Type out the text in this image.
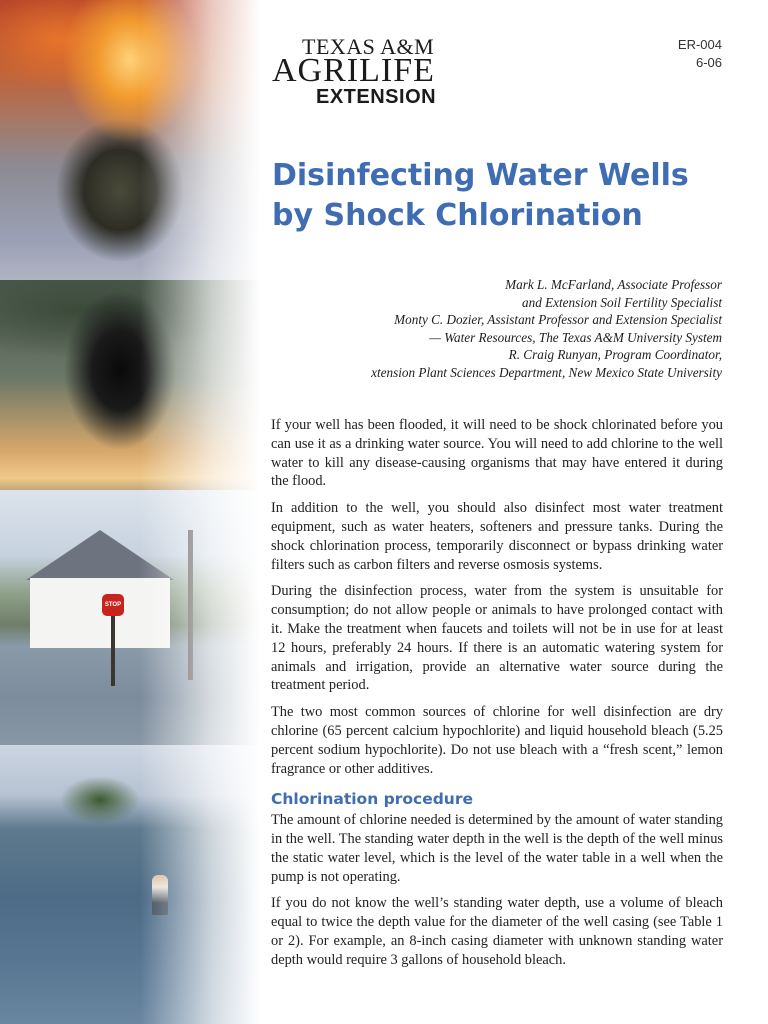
STOP
TEXAS A&M
AGRILIFE
EXTENSION
ER-004
6-06
Disinfecting Water Wells
by Shock Chlorination
Mark L. McFarland, Associate Professor
and Extension Soil Fertility Specialist
Monty C. Dozier, Assistant Professor and Extension Specialist
— Water Resources, The Texas A&M University System
R. Craig Runyan, Program Coordinator,
xtension Plant Sciences Department, New Mexico State University

If your well has been flooded, it will need to be shock chlorinated before you can use it as a drinking water source. You will need to add chlorine to the well water to kill any disease-causing organisms that may have entered it during the flood.

In addition to the well, you should also disinfect most water treatment equipment, such as water heaters, softeners and pressure tanks. During the shock chlorination process, temporarily disconnect or bypass drinking water filters such as carbon filters and reverse osmosis systems.

During the disinfection process, water from the system is unsuitable for consumption; do not allow people or animals to have prolonged contact with it. Make the treatment when faucets and toilets will not be in use for at least 12 hours, preferably 24 hours. If there is an automatic watering system for animals and irrigation, provide an alternative water source during the treatment period.

The two most common sources of chlorine for well disinfection are dry chlorine (65 percent calcium hypochlorite) and liquid household bleach (5.25 percent sodium hypochlorite). Do not use bleach with a “fresh scent,” lemon fragrance or other additives.

Chlorination procedure

The amount of chlorine needed is determined by the amount of water standing in the well. The standing water depth in the well is the depth of the well minus the static water level, which is the level of the water table in a well when the pump is not operating.

If you do not know the well’s standing water depth, use a volume of bleach equal to twice the depth value for the diameter of the well casing (see Table 1 or 2). For example, an 8-inch casing diameter with unknown standing water depth would require 3 gallons of household bleach.
